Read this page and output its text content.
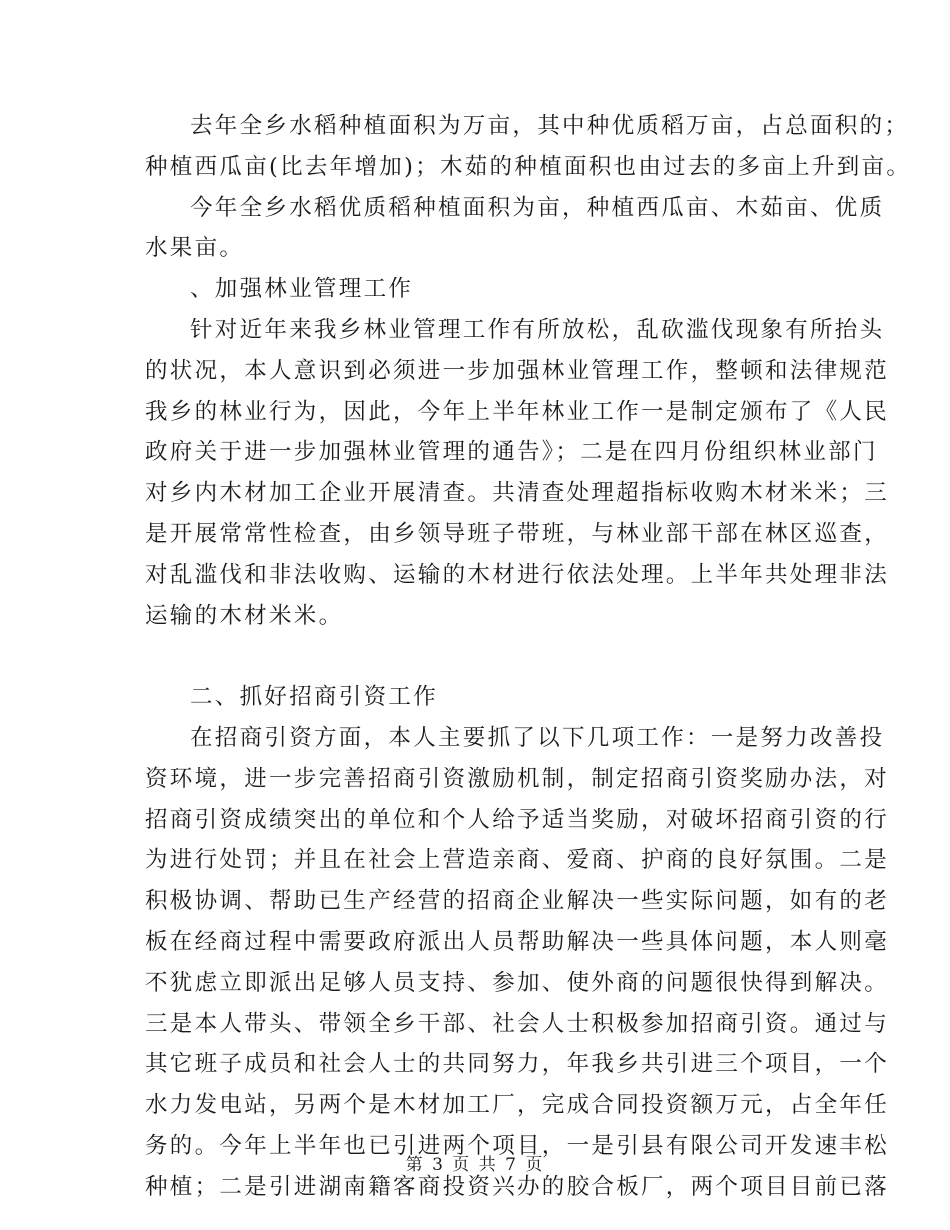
去年全乡水稻种植面积为万亩，其中种优质稻万亩，占总面积的；
种植西瓜亩(比去年增加)；木茹的种植面积也由过去的多亩上升到亩。
今年全乡水稻优质稻种植面积为亩，种植西瓜亩、木茹亩、优质
水果亩。
、加强林业管理工作
针对近年来我乡林业管理工作有所放松，乱砍滥伐现象有所抬头
的状况，本人意识到必须进一步加强林业管理工作，整顿和法律规范
我乡的林业行为，因此，今年上半年林业工作一是制定颁布了《人民
政府关于进一步加强林业管理的通告》；二是在四月份组织林业部门
对乡内木材加工企业开展清查。共清查处理超指标收购木材米米；三
是开展常常性检查，由乡领导班子带班，与林业部干部在林区巡查，
对乱滥伐和非法收购、运输的木材进行依法处理。上半年共处理非法
运输的木材米米。
二、抓好招商引资工作
在招商引资方面，本人主要抓了以下几项工作：一是努力改善投
资环境，进一步完善招商引资激励机制，制定招商引资奖励办法，对
招商引资成绩突出的单位和个人给予适当奖励，对破坏招商引资的行
为进行处罚；并且在社会上营造亲商、爱商、护商的良好氛围。二是
积极协调、帮助已生产经营的招商企业解决一些实际问题，如有的老
板在经商过程中需要政府派出人员帮助解决一些具体问题，本人则毫
不犹虑立即派出足够人员支持、参加、使外商的问题很快得到解决。
三是本人带头、带领全乡干部、社会人士积极参加招商引资。通过与
其它班子成员和社会人士的共同努力，年我乡共引进三个项目，一个
水力发电站，另两个是木材加工厂，完成合同投资额万元，占全年任
务的。今年上半年也已引进两个项目，一是引县有限公司开发速丰松
种植；二是引进湖南籍客商投资兴办的胶合板厂，两个项目目前已落
第 3 页 共 7 页
